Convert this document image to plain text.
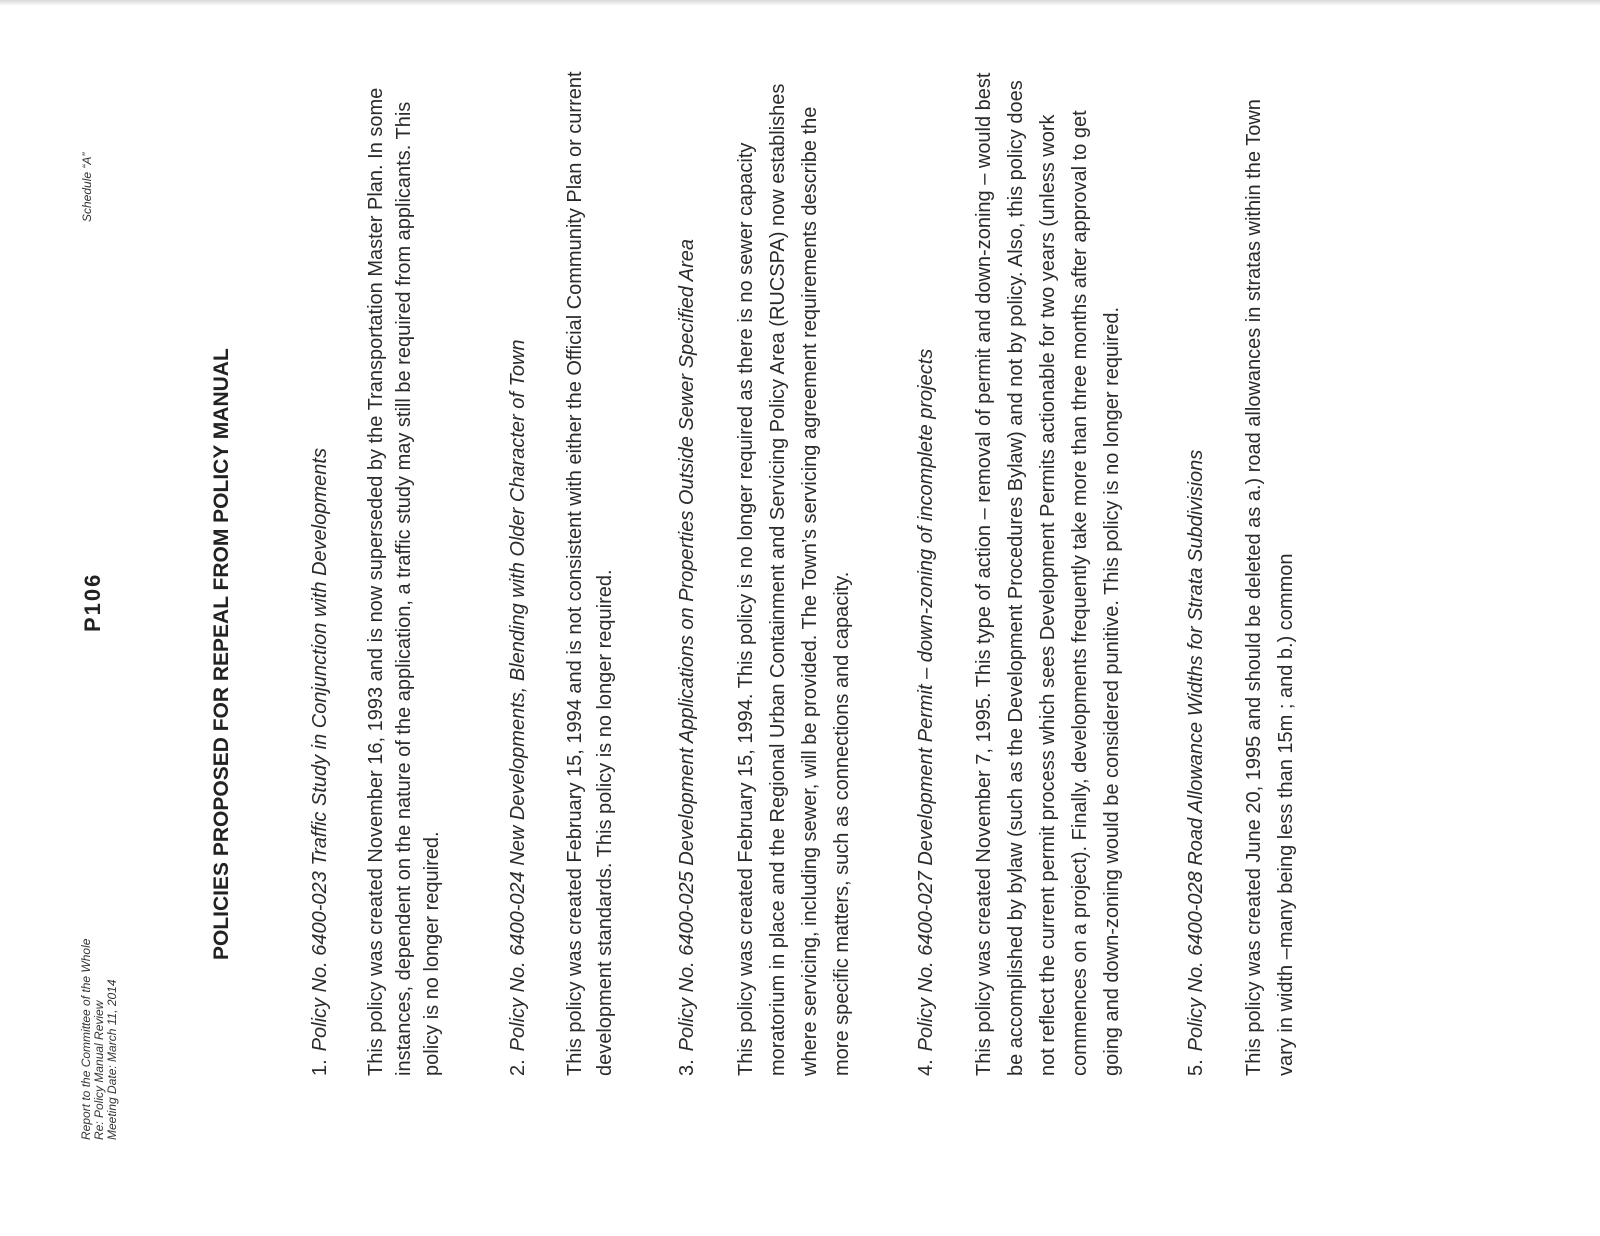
Report to the Committee of the Whole Re: Policy Manual Review Meeting Date: March 11, 2014
P106
Schedule “A”
POLICIES PROPOSED FOR REPEAL FROM POLICY MANUAL
1.Policy No. 6400-023 Traffic Study in Conjunction with Developments This policy was created November 16, 1993 and is now superseded by the Transportation Master Plan. In some instances, dependent on the nature of the application, a traffic study may still be required from applicants. This policy is no longer required.	2.Policy No. 6400-024 New Developments, Blending with Older Character of Town This policy was created February 15, 1994 and is not consistent with either the Official Community Plan or current development standards. This policy is no longer required.	3.Policy No. 6400-025 Development Applications on Properties Outside Sewer Specified Area This policy was created February 15, 1994. This policy is no longer required as there is no sewer capacity moratorium in place and the Regional Urban Containment and Servicing Policy Area (RUCSPA) now establishes where servicing, including sewer, will be provided. The Town’s servicing agreement requirements describe the more specific matters, such as connections and capacity.	4.Policy No. 6400-027 Development Permit – down-zoning of incomplete projects This policy was created November 7, 1995. This type of action – removal of permit and down-zoning – would best be accomplished by bylaw (such as the Development Procedures Bylaw) and not by policy. Also, this policy does not reflect the current permit process which sees Development Permits actionable for two years (unless work commences on a project). Finally, developments frequently take more than three months after approval to get going and down-zoning would be considered punitive. This policy is no longer required.	5.Policy No. 6400-028 Road Allowance Widths for Strata Subdivisions This policy was created June 20, 1995 and should be deleted as a.) road allowances in stratas within the Town vary in width –many being less than 15m ; and b.) common
